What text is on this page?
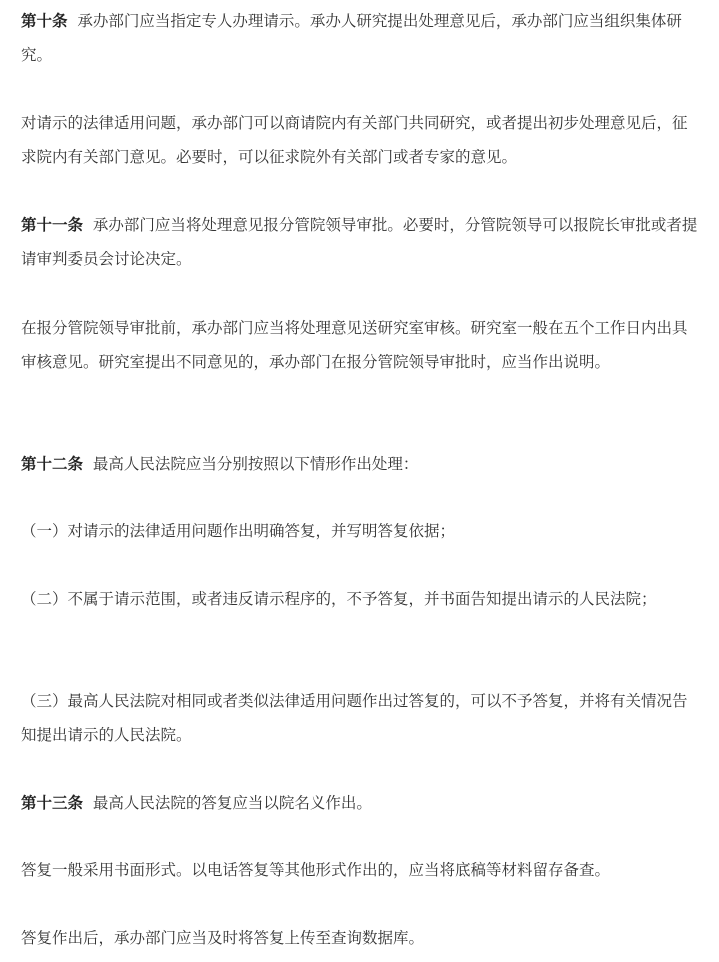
第十条 承办部门应当指定专人办理请示。承办人研究提出处理意见后，承办部门应当组织集体研究。

对请示的法律适用问题，承办部门可以商请院内有关部门共同研究，或者提出初步处理意见后，征求院内有关部门意见。必要时，可以征求院外有关部门或者专家的意见。

第十一条 承办部门应当将处理意见报分管院领导审批。必要时，分管院领导可以报院长审批或者提请审判委员会讨论决定。

在报分管院领导审批前，承办部门应当将处理意见送研究室审核。研究室一般在五个工作日内出具审核意见。研究室提出不同意见的，承办部门在报分管院领导审批时，应当作出说明。

第十二条 最高人民法院应当分别按照以下情形作出处理：

（一）对请示的法律适用问题作出明确答复，并写明答复依据；

（二）不属于请示范围，或者违反请示程序的，不予答复，并书面告知提出请示的人民法院；

（三）最高人民法院对相同或者类似法律适用问题作出过答复的，可以不予答复，并将有关情况告知提出请示的人民法院。

第十三条 最高人民法院的答复应当以院名义作出。

答复一般采用书面形式。以电话答复等其他形式作出的，应当将底稿等材料留存备查。

答复作出后，承办部门应当及时将答复上传至查询数据库。
